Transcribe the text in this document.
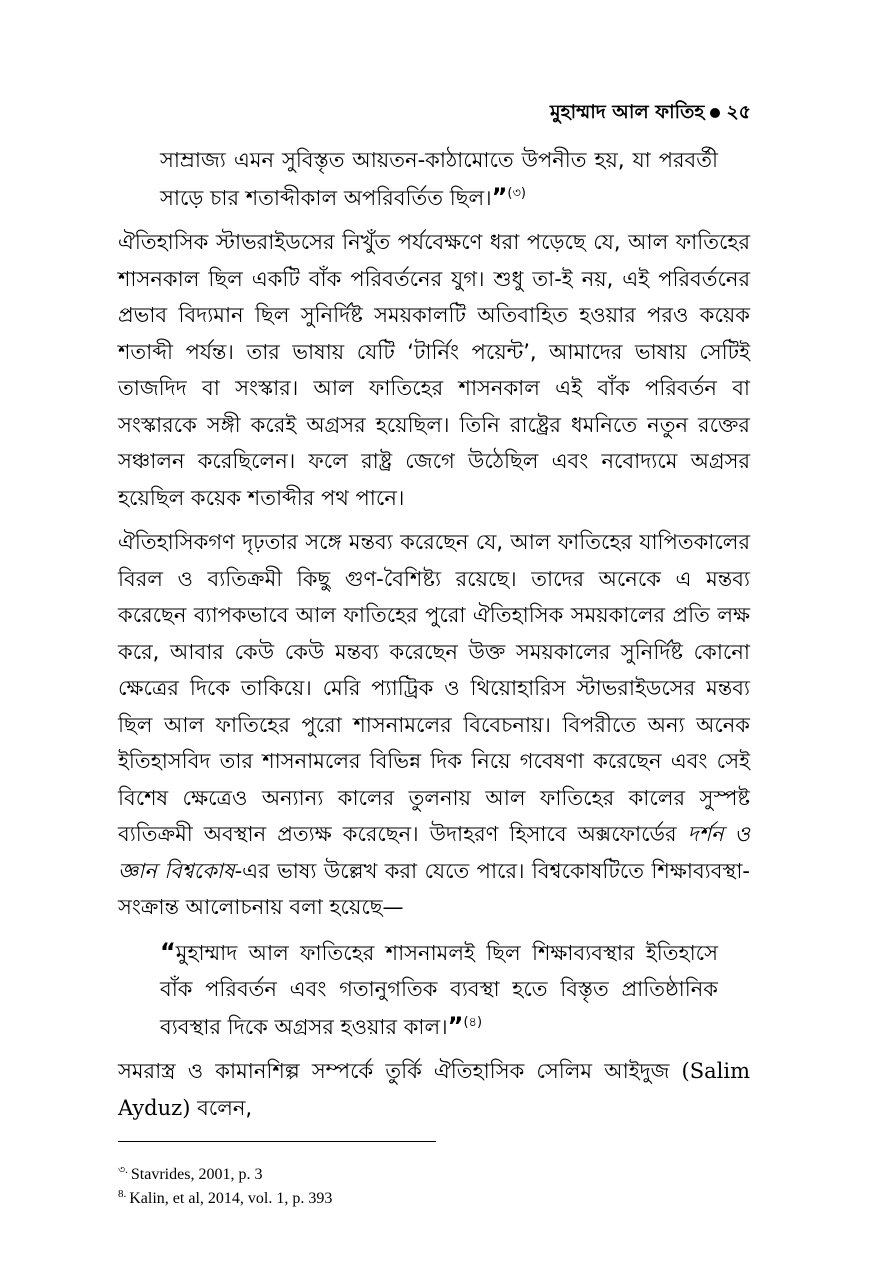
মুহাম্মাদ আল ফাতিহ ২৫

সাম্রাজ্য এমন সুবিস্তৃত আয়তন-কাঠামোতে উপনীত হয়, যা পরবর্তী সাড়ে চার শতাব্দীকাল অপরিবর্তিত ছিল।”$^{(৩)}$

ঐতিহাসিক স্টাভরাইডসের নিখুঁত পর্যবেক্ষণে ধরা পড়েছে যে, আল ফাতিহের শাসনকাল ছিল একটি বাঁক পরিবর্তনের যুগ। শুধু তা-ই নয়, এই পরিবর্তনের প্রভাব বিদ্যমান ছিল সুনির্দিষ্ট সময়কালটি অতিবাহিত হওয়ার পরও কয়েক শতাব্দী পর্যন্ত। তার ভাষায় যেটি ‘টার্নিং পয়েন্ট’, আমাদের ভাষায় সেটিই তাজদিদ বা সংস্কার। আল ফাতিহের শাসনকাল এই বাঁক পরিবর্তন বা সংস্কারকে সঙ্গী করেই অগ্রসর হয়েছিল। তিনি রাষ্ট্রের ধমনিতে নতুন রক্তের সঞ্চালন করেছিলেন। ফলে রাষ্ট্র জেগে উঠেছিল এবং নবোদ্যমে অগ্রসর হয়েছিল কয়েক শতাব্দীর পথ পানে।

ঐতিহাসিকগণ দৃঢ়তার সঙ্গে মন্তব্য করেছেন যে, আল ফাতিহের যাপিতকালের বিরল ও ব্যতিক্রমী কিছু গুণ-বৈশিষ্ট্য রয়েছে। তাদের অনেকে এ মন্তব্য করেছেন ব্যাপকভাবে আল ফাতিহের পুরো ঐতিহাসিক সময়কালের প্রতি লক্ষ করে, আবার কেউ কেউ মন্তব্য করেছেন উক্ত সময়কালের সুনির্দিষ্ট কোনো ক্ষেত্রের দিকে তাকিয়ে। মেরি প্যাট্রিক ও থিয়োহারিস স্টাভরাইডসের মন্তব্য ছিল আল ফাতিহের পুরো শাসনামলের বিবেচনায়। বিপরীতে অন্য অনেক ইতিহাসবিদ তার শাসনামলের বিভিন্ন দিক নিয়ে গবেষণা করেছেন এবং সেই বিশেষ ক্ষেত্রেও অন্যান্য কালের তুলনায় আল ফাতিহের কালের সুস্পষ্ট ব্যতিক্রমী অবস্থান প্রত্যক্ষ করেছেন। উদাহরণ হিসাবে অক্সফোর্ডের দর্শন ও জ্ঞান বিশ্বকোষ-এর ভাষ্য উল্লেখ করা যেতে পারে। বিশ্বকোষটিতে শিক্ষাব্যবস্থা-সংক্রান্ত আলোচনায় বলা হয়েছে—

“মুহাম্মাদ আল ফাতিহের শাসনামলই ছিল শিক্ষাব্যবস্থার ইতিহাসে বাঁক পরিবর্তন এবং গতানুগতিক ব্যবস্থা হতে বিস্তৃত প্রাতিষ্ঠানিক ব্যবস্থার দিকে অগ্রসর হওয়ার কাল।”$^{(৪)}$

সমরাস্ত্র ও কামানশিল্প সম্পর্কে তুর্কি ঐতিহাসিক সেলিম আইদুজ (Salim Ayduz) বলেন,

$^{৩.}$ Stavrides, 2001, p. 3
$^{8.}$ Kalin, et al, 2014, vol. 1, p. 393
